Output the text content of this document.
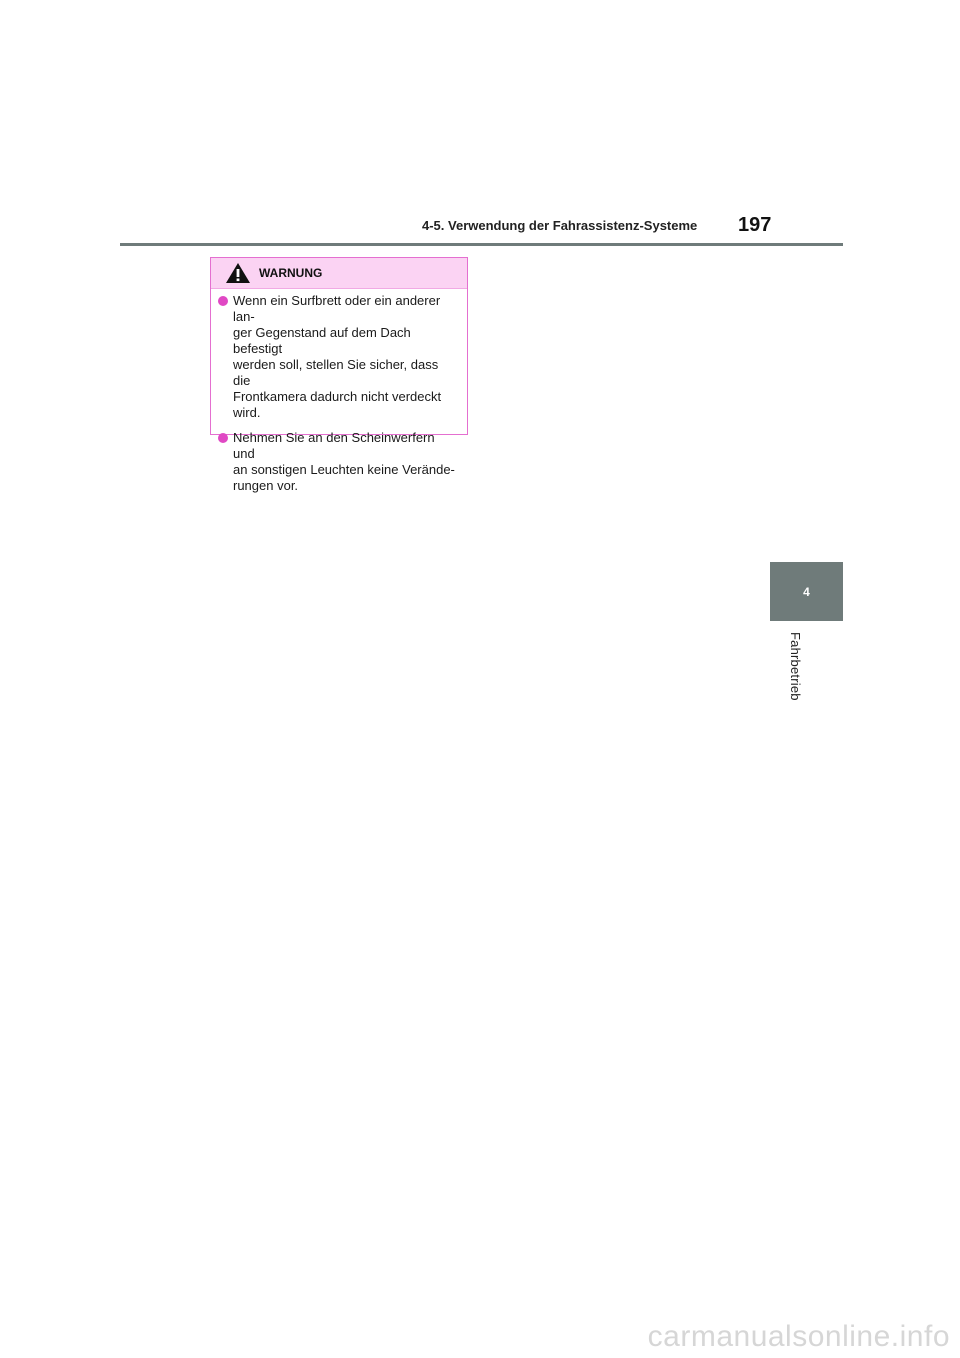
4-5. Verwendung der Fahrassistenz-Systeme 197
4
Fahrbetrieb
WARNUNG
Wenn ein Surfbrett oder ein anderer lan-
ger Gegenstand auf dem Dach befestigt
werden soll, stellen Sie sicher, dass die
Frontkamera dadurch nicht verdeckt
wird.
Nehmen Sie an den Scheinwerfern und
an sonstigen Leuchten keine Verände-
rungen vor.
carmanualsonline.info
